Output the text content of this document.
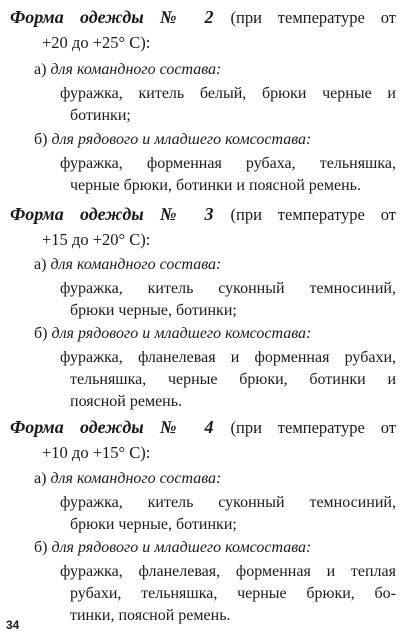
Форма одежды № 2 (при температуре от
+20 до +25° С):
а) для командного состава:
фуражка, китель белый, брюки черные и
ботинки;
б) для рядового и младшего комсостава:
фуражка, форменная рубаха, тельняшка,
черные брюки, ботинки и поясной ремень.
Форма одежды № 3 (при температуре от
+15 до +20° С):
а) для командного состава:
фуражка, китель суконный темносиний,
брюки черные, ботинки;
б) для рядового и младшего комсостава:
фуражка, фланелевая и форменная рубахи,
тельняшка, черные брюки, ботинки и
поясной ремень.
Форма одежды № 4 (при температуре от
+10 до +15° С):
а) для командного состава:
фуражка, китель суконный темносиний,
брюки черные, ботинки;
б) для рядового и младшего комсостава:
фуражка, фланелевая, форменная и теплая
рубахи, тельняшка, черные брюки, бо-
тинки, поясной ремень.
34
